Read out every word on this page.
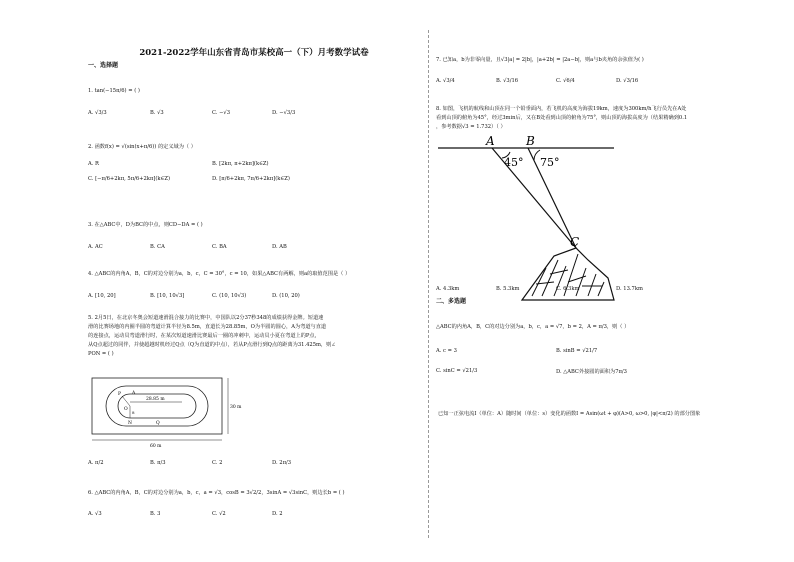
2021-2022学年山东省青岛市某校高一（下）月考数学试卷
一、选择题
1. tan(−15π/6) = ( )
A. √3/3	B. √3	C. −√3	D. −√3/3
2. 函数f(x) = √(sin(x+π/6)) 的定义域为（ ）
A. R	B. [2kπ, π+2kπ](k∈Z)
C. [−π/6+2kπ, 5π/6+2kπ](k∈Z)	D. [π/6+2kπ, 7π/6+2kπ](k∈Z)
3. 在△ABC中，D为BC的中点，则CD−DA = ( )
A. AC	B. CA	C. BA	D. AB
4. △ABC的内角A，B，C的对边分别为a，b，c，C = 30°，c = 10，如果△ABC有两解，则a的取值范围是（ ）
A. [10, 20]	B. [10, 10√3]	C. (10, 10√3)	D. (10, 20)
5. 2月5日，在北京冬奥会短道速滑混合接力的比赛中，中国队以2分37秒348的成绩获得金牌。短道速
滑的比赛场地的内圈半圆的弯道计算半径为8.5m，直道长为28.85m，O为半圆的圆心，A为弯道与直道
的连接点，运动员弯道滑行时，在某次短道速滑比赛最后一圈的冲刺中，运动员小夏在弯道上的P点，
从Q点超过的同伴，并使超越时机经过Q点（Q为直道的中点），若从P点滑行到Q点的距离为31.425m，则∠
PON = ( )
28.85 m
30 m
60 m
P
O
A
N	Q
8
A. π/2	B. π/3	C. 2	D. 2π/3
6. △ABC的内角A，B，C的对边分别为a，b，c，a = √3，cosB = 3√2/2，3sinA = √3sinC，则边长b = ( )
A. √3	B. 3	C. √2	D. 2
7. 已知a，b为非零向量，且√3|a| = 2|b|，|a+2b| = |2a−b|，则a与b夹角的余弦值为( )
A. √3/4	B. √3/16	C. √6/4	D. √3/16
8. 如图，飞机的航线和山顶在同一个铅垂面内，若飞机的高度为海拔19km，速度为300km/h飞行员先在A处
看到山顶的俯角为45°，经过3min后，又在B处看到山顶的俯角为75°，则山顶的海拔高度为（结果精确到0.1
，参考数据√3 = 1.732）（ ）
A	B
C
45° 75°
A. 4.3km	B. 5.3km	C. 6.3km	D. 13.7km
二、多选题
△ABC的内角A，B，C的对边分别为a，b，c，a = √7，b = 2，A = π/3，则（ ）
A. c = 3	B. sinB = √21/7
C. sinC = √21/3	D. △ABC外接圆的面积为7π/3
已知一正弦电流I（单位：A）随时间（单位：s）变化的函数I = Asin(ωt + φ)(A>0, ω>0, |φ|<π/2) 的部分图象
